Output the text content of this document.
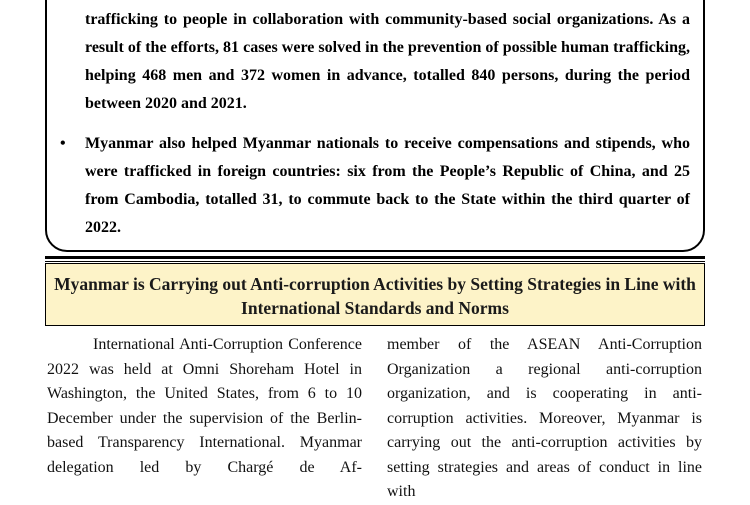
trafficking to people in collaboration with community-based social organizations. As a result of the efforts, 81 cases were solved in the prevention of possible human trafficking, helping 468 men and 372 women in advance, totalled 840 persons, during the period between 2020 and 2021.

• Myanmar also helped Myanmar nationals to receive compensations and stipends, who were trafficked in foreign countries: six from the People’s Republic of China, and 25 from Cambodia, totalled 31, to commute back to the State within the third quarter of 2022.

Myanmar is Carrying out Anti-corruption Activities by Setting Strategies in Line with International Standards and Norms

International Anti-Corruption Conference 2022 was held at Omni Shoreham Hotel in Washington, the United States, from 6 to 10 December under the supervision of the Berlin-based Transparency International. Myanmar delegation led by Chargé de Af-

member of the ASEAN Anti-Corruption Organization a regional anti-corruption organization, and is cooperating in anti-corruption activities. Moreover, Myanmar is carrying out the anti-corruption activities by setting strategies and areas of conduct in line with
